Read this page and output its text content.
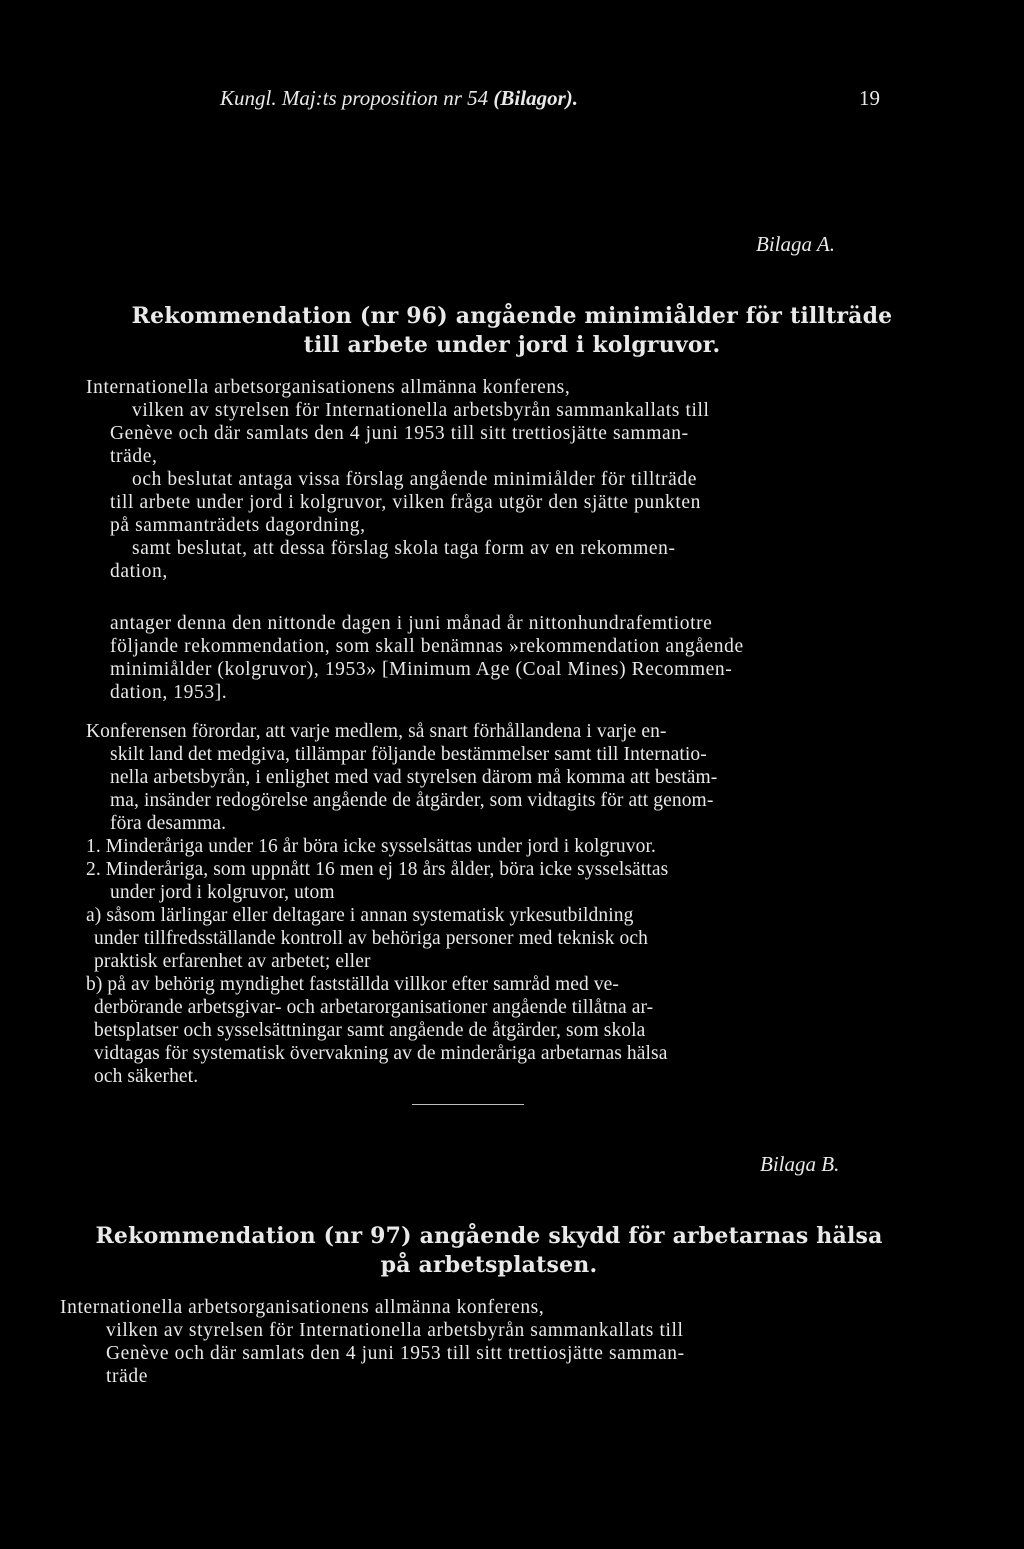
Kungl. Maj:ts proposition nr 54 (Bilagor).	19
Bilaga A.
Rekommendation (nr 96) angående minimiålder för tillträde
till arbete under jord i kolgruvor.
Internationella arbetsorganisationens allmänna konferens,
vilken av styrelsen för Internationella arbetsbyrån sammankallats till
Genève och där samlats den 4 juni 1953 till sitt trettiosjätte samman-
träde,
och beslutat antaga vissa förslag angående minimiålder för tillträde
till arbete under jord i kolgruvor, vilken fråga utgör den sjätte punkten
på sammanträdets dagordning,
samt beslutat, att dessa förslag skola taga form av en rekommen-
dation,
antager denna den nittonde dagen i juni månad år nittonhundrafemtiotre
följande rekommendation, som skall benämnas »rekommendation angående
minimiålder (kolgruvor), 1953» [Minimum Age (Coal Mines) Recommen-
dation, 1953].
Konferensen förordar, att varje medlem, så snart förhållandena i varje en-
skilt land det medgiva, tillämpar följande bestämmelser samt till Internatio-
nella arbetsbyrån, i enlighet med vad styrelsen därom må komma att bestäm-
ma, insänder redogörelse angående de åtgärder, som vidtagits för att genom-
föra desamma.
1. Minderåriga under 16 år böra icke sysselsättas under jord i kolgruvor.
2. Minderåriga, som uppnått 16 men ej 18 års ålder, böra icke sysselsättas
under jord i kolgruvor, utom
a) såsom lärlingar eller deltagare i annan systematisk yrkesutbildning
under tillfredsställande kontroll av behöriga personer med teknisk och
praktisk erfarenhet av arbetet; eller
b) på av behörig myndighet fastställda villkor efter samråd med ve-
derbörande arbetsgivar- och arbetarorganisationer angående tillåtna ar-
betsplatser och sysselsättningar samt angående de åtgärder, som skola
vidtagas för systematisk övervakning av de minderåriga arbetarnas hälsa
och säkerhet.
Bilaga B.
Rekommendation (nr 97) angående skydd för arbetarnas hälsa
på arbetsplatsen.
Internationella arbetsorganisationens allmänna konferens,
vilken av styrelsen för Internationella arbetsbyrån sammankallats till
Genève och där samlats den 4 juni 1953 till sitt trettiosjätte samman-
träde
